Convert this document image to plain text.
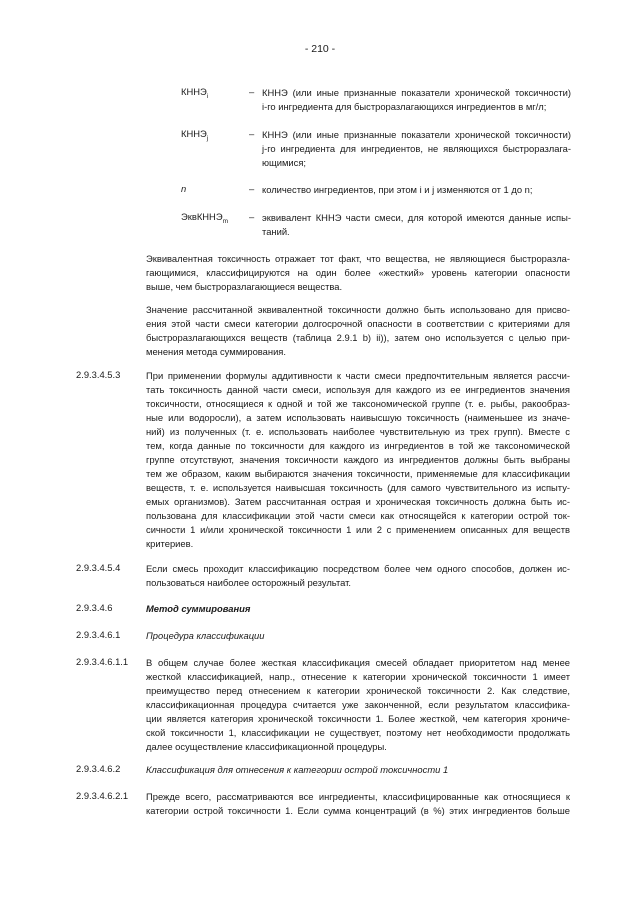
- 210 -
$КННЭ_i$	– КННЭ (или иные признанные показатели хронической токсичности)
i-го ингредиента для быстроразлагающихся ингредиентов в мг/л;
$КННЭ_j$	– КННЭ (или иные признанные показатели хронической токсичности)
j-го ингредиента для ингредиентов, не являющихся быстроразлага-
ющимися;
n	– количество ингредиентов, при этом i и j изменяются от 1 до n;
ЭквКННЭ$_m$	– эквивалент КННЭ части смеси, для которой имеются данные испы-
таний.
Эквивалентная токсичность отражает тот факт, что вещества, не являющиеся быстроразла-
гающимися, классифицируются на один более «жесткий» уровень категории опасности
выше, чем быстроразлагающиеся вещества.
Значение рассчитанной эквивалентной токсичности должно быть использовано для присво-
ения этой части смеси категории долгосрочной опасности в соответствии с критериями для
быстроразлагающихся веществ (таблица 2.9.1 b) ii)), затем оно используется с целью при-
менения метода суммирования.
2.9.3.4.5.3	При применении формулы аддитивности к части смеси предпочтительным является рассчи-
тать токсичность данной части смеси, используя для каждого из ее ингредиентов значения
токсичности, относящиеся к одной и той же таксономической группе (т. е. рыбы, ракообраз-
ные или водоросли), а затем использовать наивысшую токсичность (наименьшее из значе-
ний) из полученных (т. е. использовать наиболее чувствительную из трех групп). Вместе с
тем, когда данные по токсичности для каждого из ингредиентов в той же таксономической
группе отсутствуют, значения токсичности каждого из ингредиентов должны быть выбраны
тем же образом, каким выбираются значения токсичности, применяемые для классификации
веществ, т. е. используется наивысшая токсичность (для самого чувствительного из испыту-
емых организмов). Затем рассчитанная острая и хроническая токсичность должна быть ис-
пользована для классификации этой части смеси как относящейся к категории острой ток-
сичности 1 и/или хронической токсичности 1 или 2 с применением описанных для веществ
критериев.
2.9.3.4.5.4	Если смесь проходит классификацию посредством более чем одного способов, должен ис-
пользоваться наиболее осторожный результат.
2.9.3.4.6	Метод суммирования
2.9.3.4.6.1	Процедура классификации
2.9.3.4.6.1.1 В общем случае более жесткая классификация смесей обладает приоритетом над менее
жесткой классификацией, напр., отнесение к категории хронической токсичности 1 имеет
преимущество перед отнесением к категории хронической токсичности 2. Как следствие,
классификационная процедура считается уже законченной, если результатом классифика-
ции является категория хронической токсичности 1. Более жесткой, чем категория хрониче-
ской токсичности 1, классификации не существует, поэтому нет необходимости продолжать
далее осуществление классификационной процедуры.
2.9.3.4.6.2	Классификация для отнесения к категории острой токсичности 1
2.9.3.4.6.2.1 Прежде всего, рассматриваются все ингредиенты, классифицированные как относящиеся к
категории острой токсичности 1. Если сумма концентраций (в %) этих ингредиентов больше
